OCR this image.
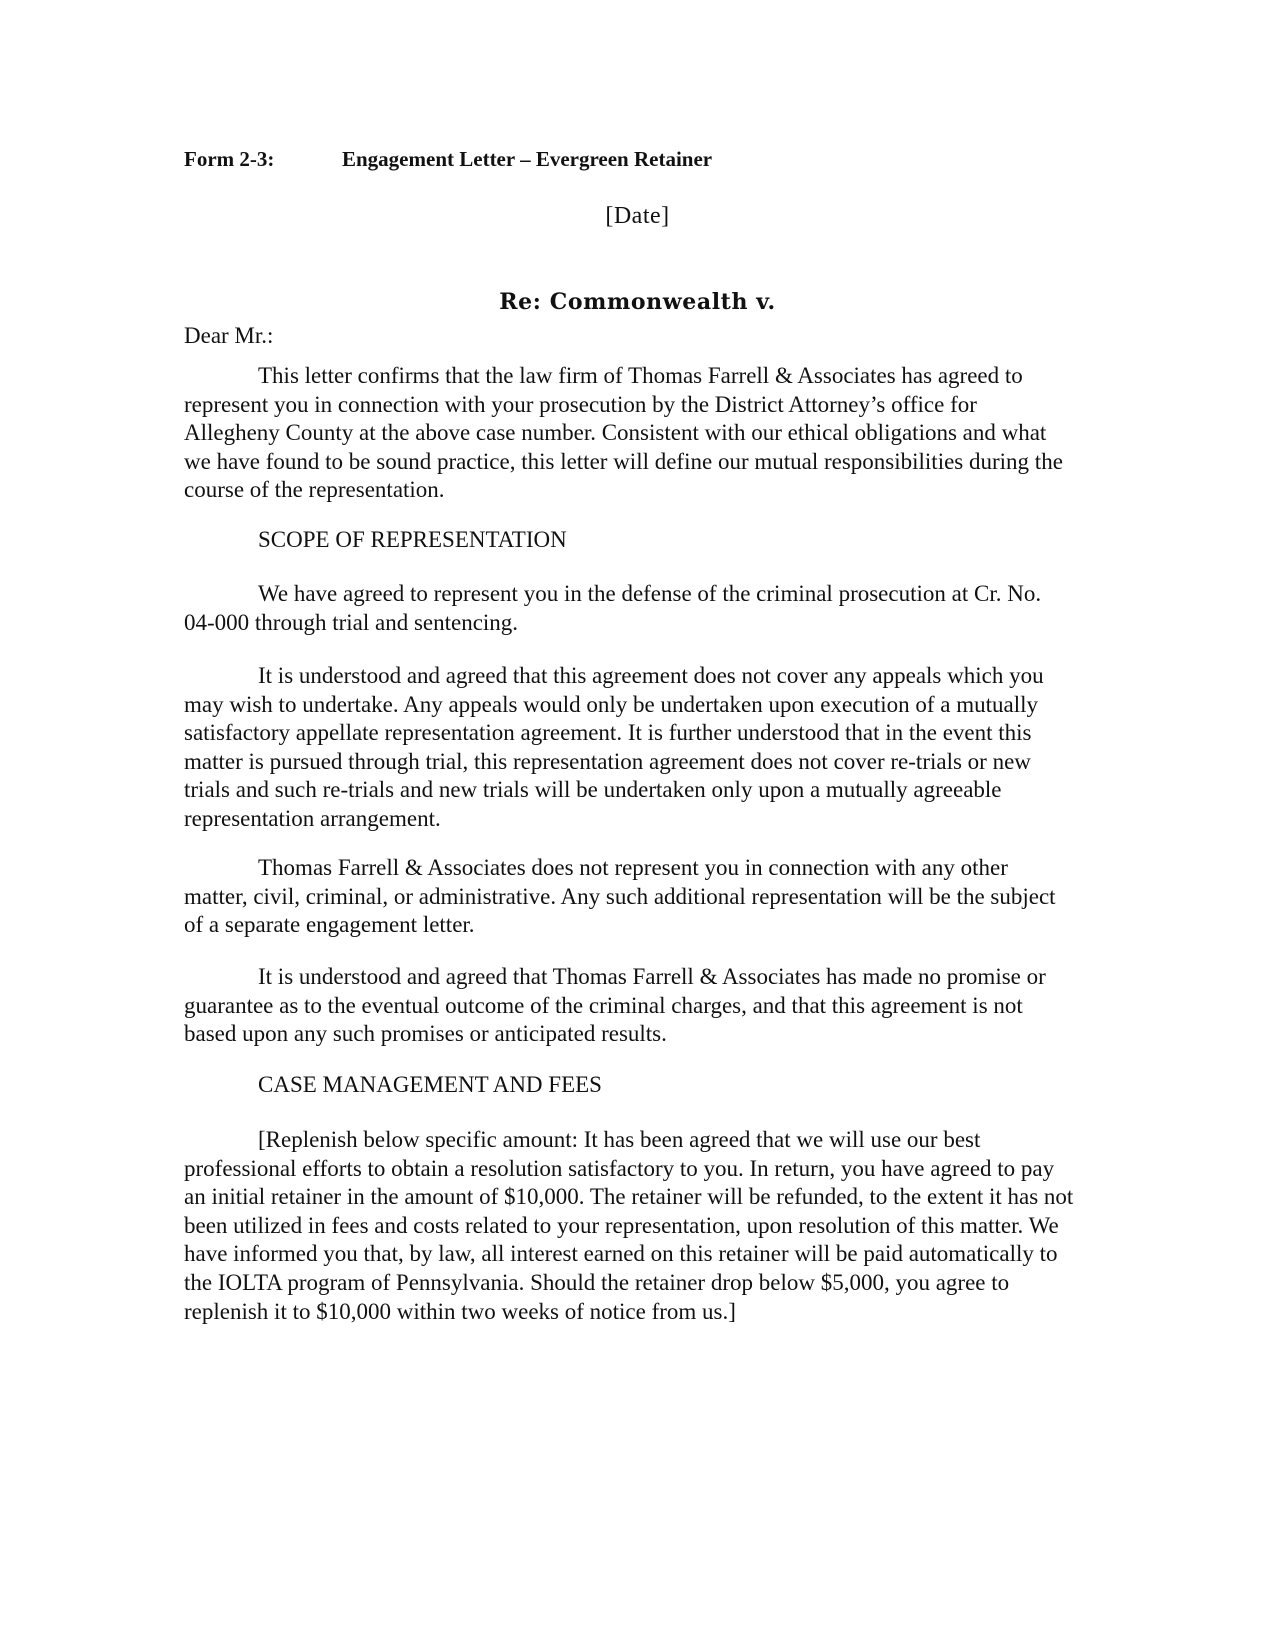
Form 2-3:	Engagement Letter – Evergreen Retainer
[Date]
Re: Commonwealth v.
Dear Mr.:

This letter confirms that the law firm of Thomas Farrell & Associates has agreed to represent you in connection with your prosecution by the District Attorney’s office for Allegheny County at the above case number. Consistent with our ethical obligations and what we have found to be sound practice, this letter will define our mutual responsibilities during the course of the representation.

SCOPE OF REPRESENTATION

We have agreed to represent you in the defense of the criminal prosecution at Cr. No. 04-000 through trial and sentencing.

It is understood and agreed that this agreement does not cover any appeals which you may wish to undertake. Any appeals would only be undertaken upon execution of a mutually satisfactory appellate representation agreement. It is further understood that in the event this matter is pursued through trial, this representation agreement does not cover re-trials or new trials and such re-trials and new trials will be undertaken only upon a mutually agreeable representation arrangement.

Thomas Farrell & Associates does not represent you in connection with any other matter, civil, criminal, or administrative. Any such additional representation will be the subject of a separate engagement letter.

It is understood and agreed that Thomas Farrell & Associates has made no promise or guarantee as to the eventual outcome of the criminal charges, and that this agreement is not based upon any such promises or anticipated results.

CASE MANAGEMENT AND FEES

[Replenish below specific amount: It has been agreed that we will use our best professional efforts to obtain a resolution satisfactory to you. In return, you have agreed to pay an initial retainer in the amount of $10,000. The retainer will be refunded, to the extent it has not been utilized in fees and costs related to your representation, upon resolution of this matter. We have informed you that, by law, all interest earned on this retainer will be paid automatically to the IOLTA program of Pennsylvania. Should the retainer drop below $5,000, you agree to replenish it to $10,000 within two weeks of notice from us.]
